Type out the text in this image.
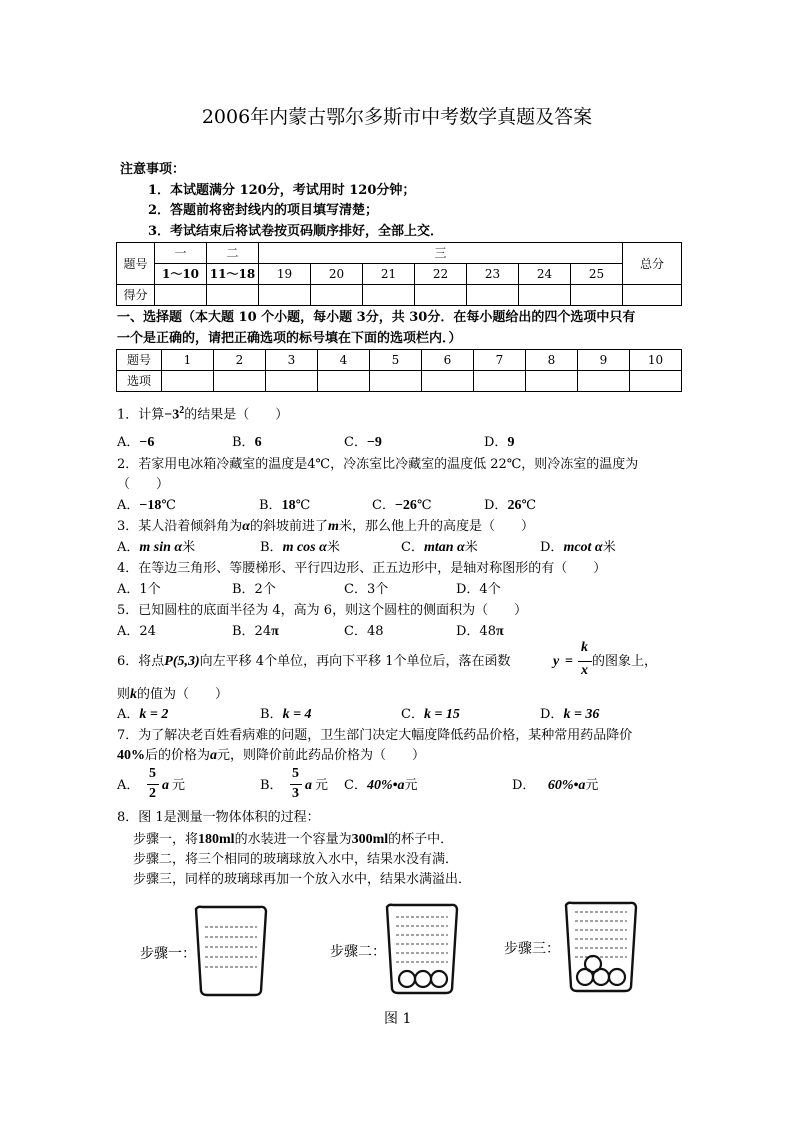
2006年内蒙古鄂尔多斯市中考数学真题及答案
注意事项：
1．本试题满分 120分，考试用时 120分钟；
2．答题前将密封线内的项目填写清楚；
3．考试结束后将试卷按页码顺序排好，全部上交．
题号	一	二	三							总分
	1～10	11～18	19	20	21	22	23	24	25	
得分										
一、选择题（本大题 10 个小题，每小题 3分，共 30分．在每小题给出的四个选项中只有
一个是正确的，请把正确选项的标号填在下面的选项栏内．）
题号	1	2	3	4	5	6	7	8	9	10
选项										
1．计算$-3^2$的结果是（　　）
A．−6	B．6	C．−9	D．9
2．若家用电冰箱冷藏室的温度是4℃，冷冻室比冷藏室的温度低 22℃，则冷冻室的温度为
（　　）
A．−18℃	B．18℃	C．−26℃	D．26℃
3．某人沿着倾斜角为α的斜坡前进了m米，那么他上升的高度是（　　）
A．m sin α米	B．m cos α米	C．mtan α米	D．mcot α米
4．在等边三角形、等腰梯形、平行四边形、正五边形中，是轴对称图形的有（　　）
A．1个	B．2个	C．3个	D．4个
5．已知圆柱的底面半径为 4，高为 6，则这个圆柱的侧面积为（　　）
A．24	B．24π	C．48	D．48π
6．将点P(5,3)向左平移 4个单位，再向下平移 1个单位后，落在函数	y =
k
x
的图象上，
则k的值为（　　）
A．k = 2	B．k = 4	C．k = 15	D．k = 36
7．为了解决老百姓看病难的问题，卫生部门决定大幅度降低药品价格，某种常用药品降价
40%后的价格为a元，则降价前此药品价格为（　　）
A．
5
2
a 元	B．
5
3
a 元 C．40%•a元	D． 60%•a元
8．图 1是测量一物体体积的过程：
步骤一，将180ml的水装进一个容量为300ml的杯子中．
步骤二，将三个相同的玻璃球放入水中，结果水没有满．
步骤三，同样的玻璃球再加一个放入水中，结果水满溢出．
步骤一：	步骤二：	步骤三：
图 1
